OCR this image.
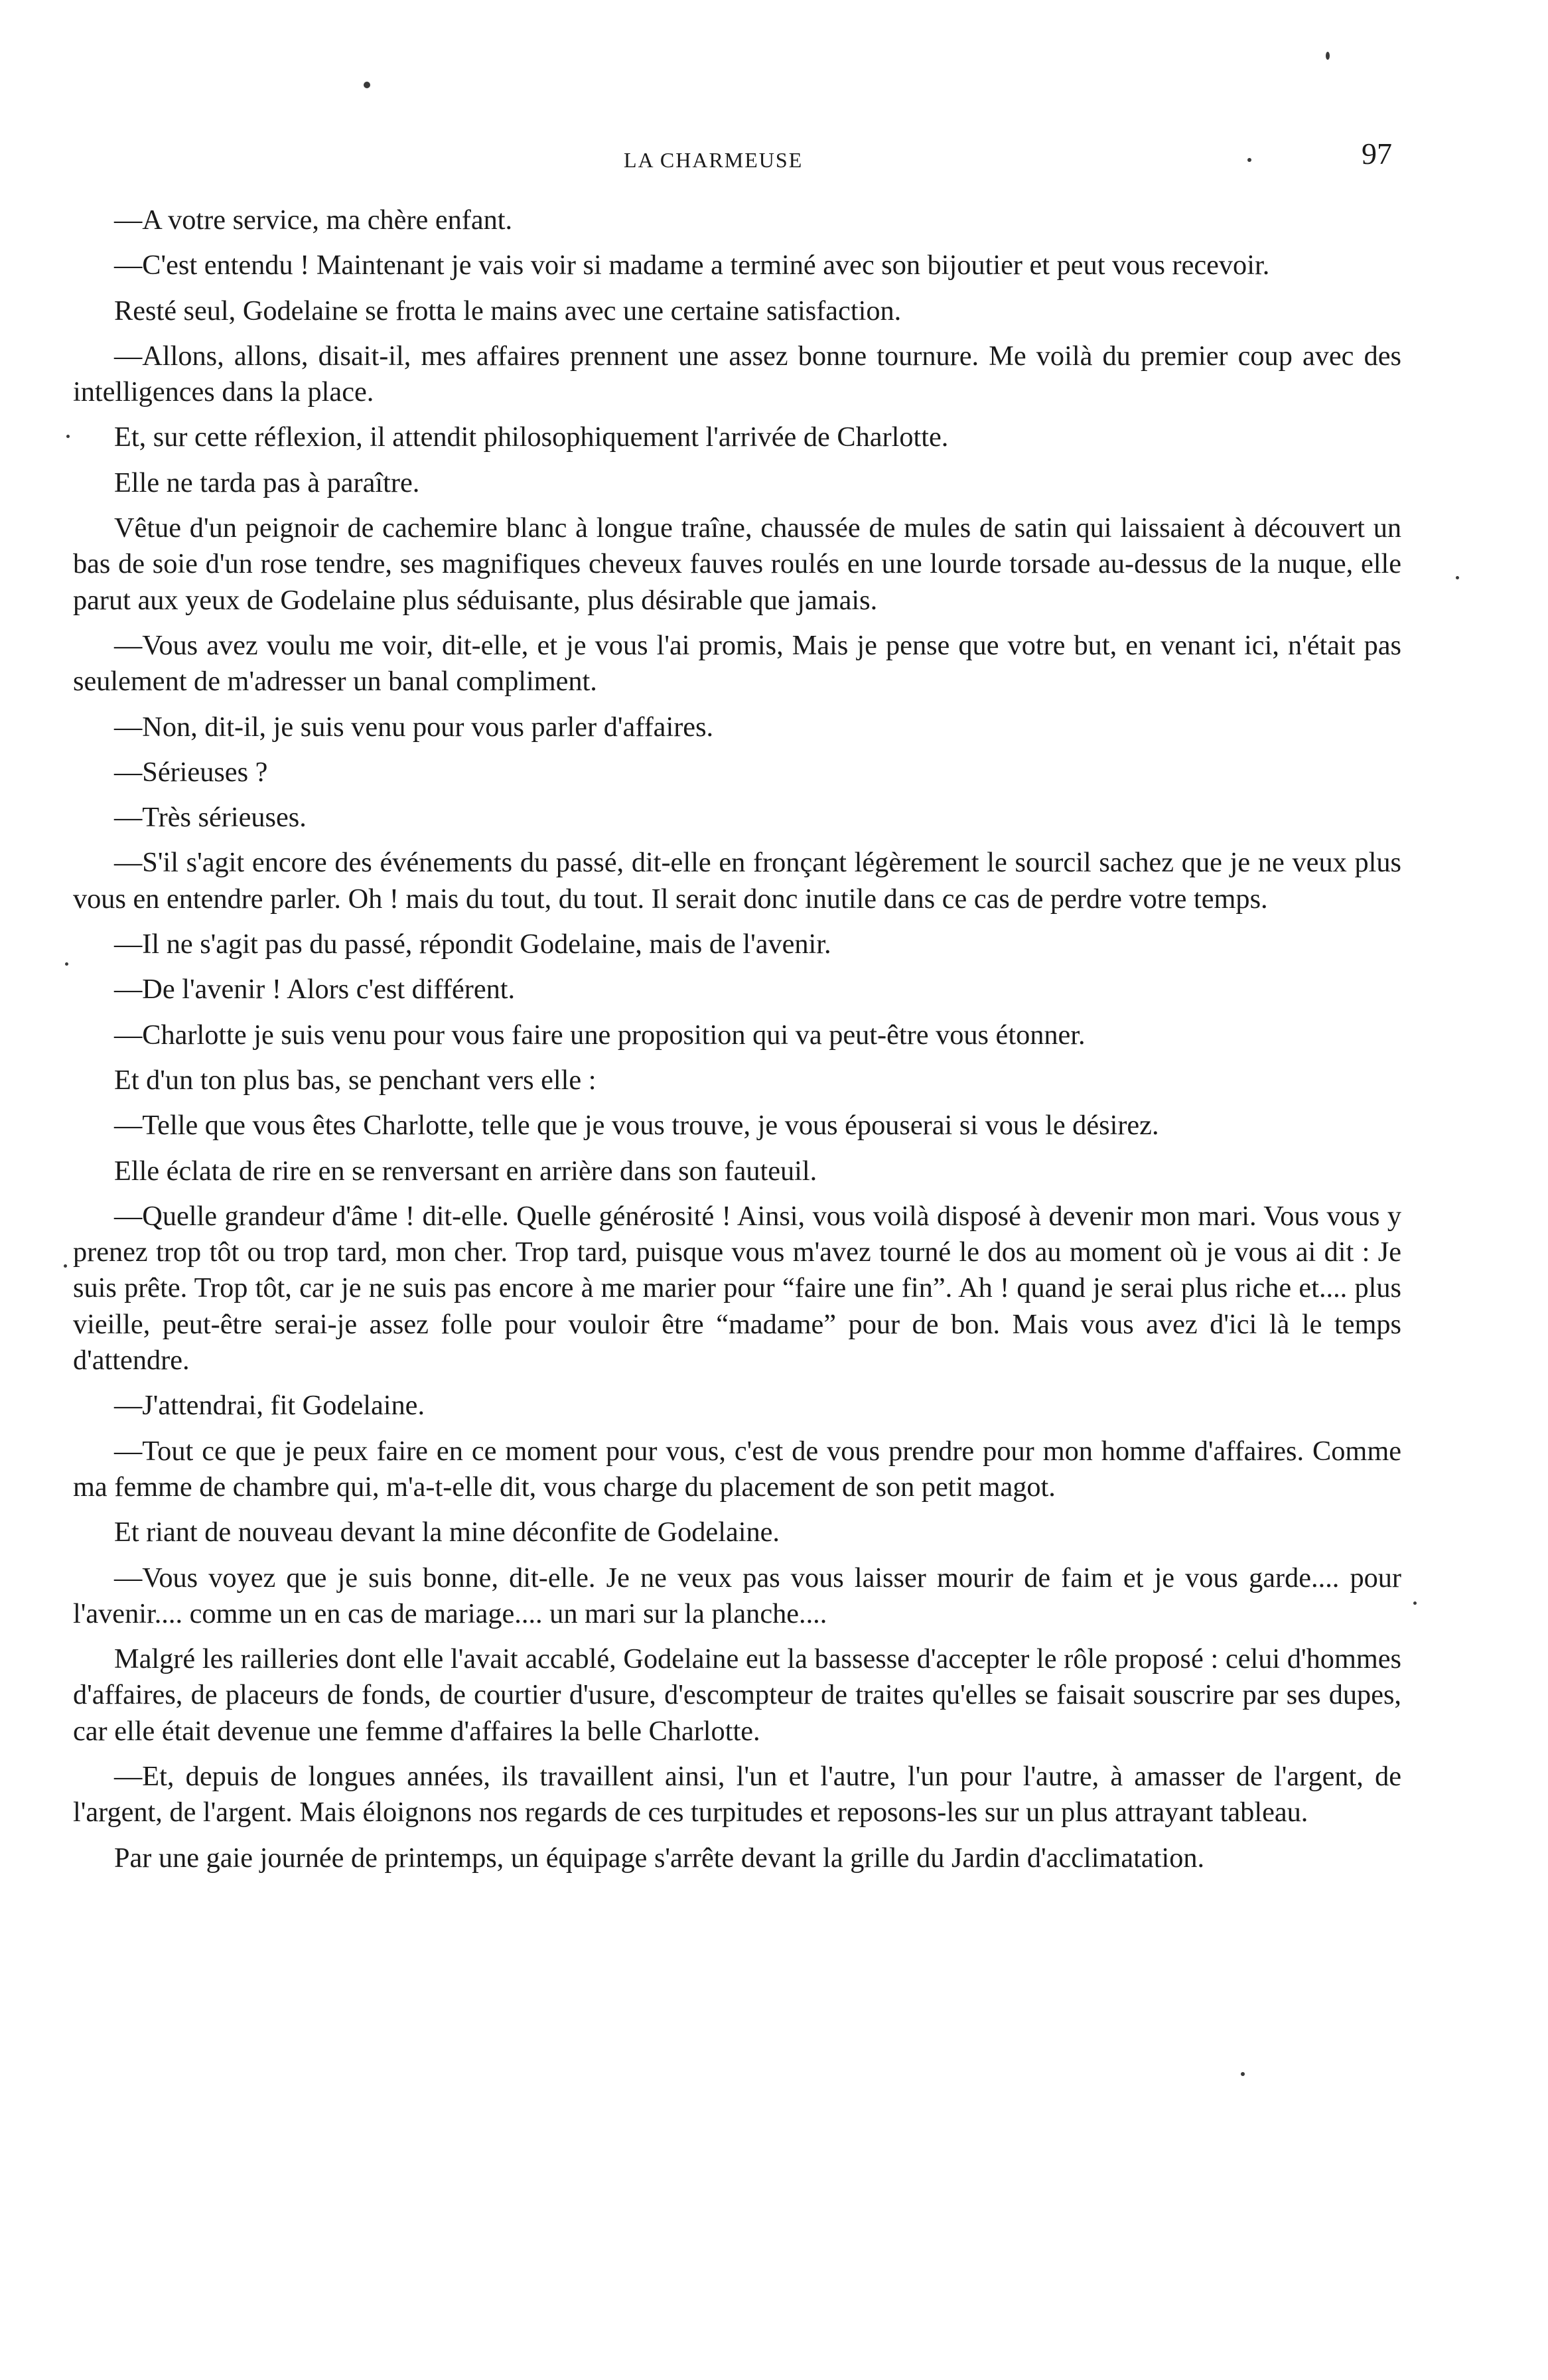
LA CHARMEUSE	97

—A votre service, ma chère enfant.

—C'est entendu ! Maintenant je vais voir si madame a terminé avec son bijoutier et peut vous recevoir.

Resté seul, Godelaine se frotta le mains avec une certaine satisfaction.

—Allons, allons, disait-il, mes affaires prennent une assez bonne tournure. Me voilà du premier coup avec des intelligences dans la place.

Et, sur cette réflexion, il attendit philosophiquement l'arrivée de Charlotte.

Elle ne tarda pas à paraître.

Vêtue d'un peignoir de cachemire blanc à longue traîne, chaussée de mules de satin qui laissaient à découvert un bas de soie d'un rose tendre, ses magnifiques cheveux fauves roulés en une lourde torsade au-dessus de la nuque, elle parut aux yeux de Godelaine plus séduisante, plus désirable que jamais.

—Vous avez voulu me voir, dit-elle, et je vous l'ai promis, Mais je pense que votre but, en venant ici, n'était pas seulement de m'adresser un banal compliment.

—Non, dit-il, je suis venu pour vous parler d'affaires.

—Sérieuses ?

—Très sérieuses.

—S'il s'agit encore des événements du passé, dit-elle en fronçant légèrement le sourcil sachez que je ne veux plus vous en entendre parler. Oh ! mais du tout, du tout. Il serait donc inutile dans ce cas de perdre votre temps.

—Il ne s'agit pas du passé, répondit Godelaine, mais de l'avenir.

—De l'avenir ! Alors c'est différent.

—Charlotte je suis venu pour vous faire une proposition qui va peut-être vous étonner.

Et d'un ton plus bas, se penchant vers elle :

—Telle que vous êtes Charlotte, telle que je vous trouve, je vous épouserai si vous le désirez.

Elle éclata de rire en se renversant en arrière dans son fauteuil.

—Quelle grandeur d'âme ! dit-elle. Quelle générosité ! Ainsi, vous voilà disposé à devenir mon mari. Vous vous y prenez trop tôt ou trop tard, mon cher. Trop tard, puisque vous m'avez tourné le dos au moment où je vous ai dit : Je suis prête. Trop tôt, car je ne suis pas encore à me marier pour “faire une fin”. Ah ! quand je serai plus riche et.... plus vieille, peut-être serai-je assez folle pour vouloir être “madame” pour de bon. Mais vous avez d'ici là le temps d'attendre.

—J'attendrai, fit Godelaine.

—Tout ce que je peux faire en ce moment pour vous, c'est de vous prendre pour mon homme d'affaires. Comme ma femme de chambre qui, m'a-t-elle dit, vous charge du placement de son petit magot.

Et riant de nouveau devant la mine déconfite de Godelaine.

—Vous voyez que je suis bonne, dit-elle. Je ne veux pas vous laisser mourir de faim et je vous garde.... pour l'avenir.... comme un en cas de mariage.... un mari sur la planche....

Malgré les railleries dont elle l'avait accablé, Godelaine eut la bassesse d'accepter le rôle proposé : celui d'hommes d'affaires, de placeurs de fonds, de courtier d'usure, d'escompteur de traites qu'elles se faisait souscrire par ses dupes, car elle était devenue une femme d'affaires la belle Charlotte.

—Et, depuis de longues années, ils travaillent ainsi, l'un et l'autre, l'un pour l'autre, à amasser de l'argent, de l'argent, de l'argent. Mais éloignons nos regards de ces turpitudes et reposons-les sur un plus attrayant tableau.

Par une gaie journée de printemps, un équipage s'arrête devant la grille du Jardin d'acclimatation.
